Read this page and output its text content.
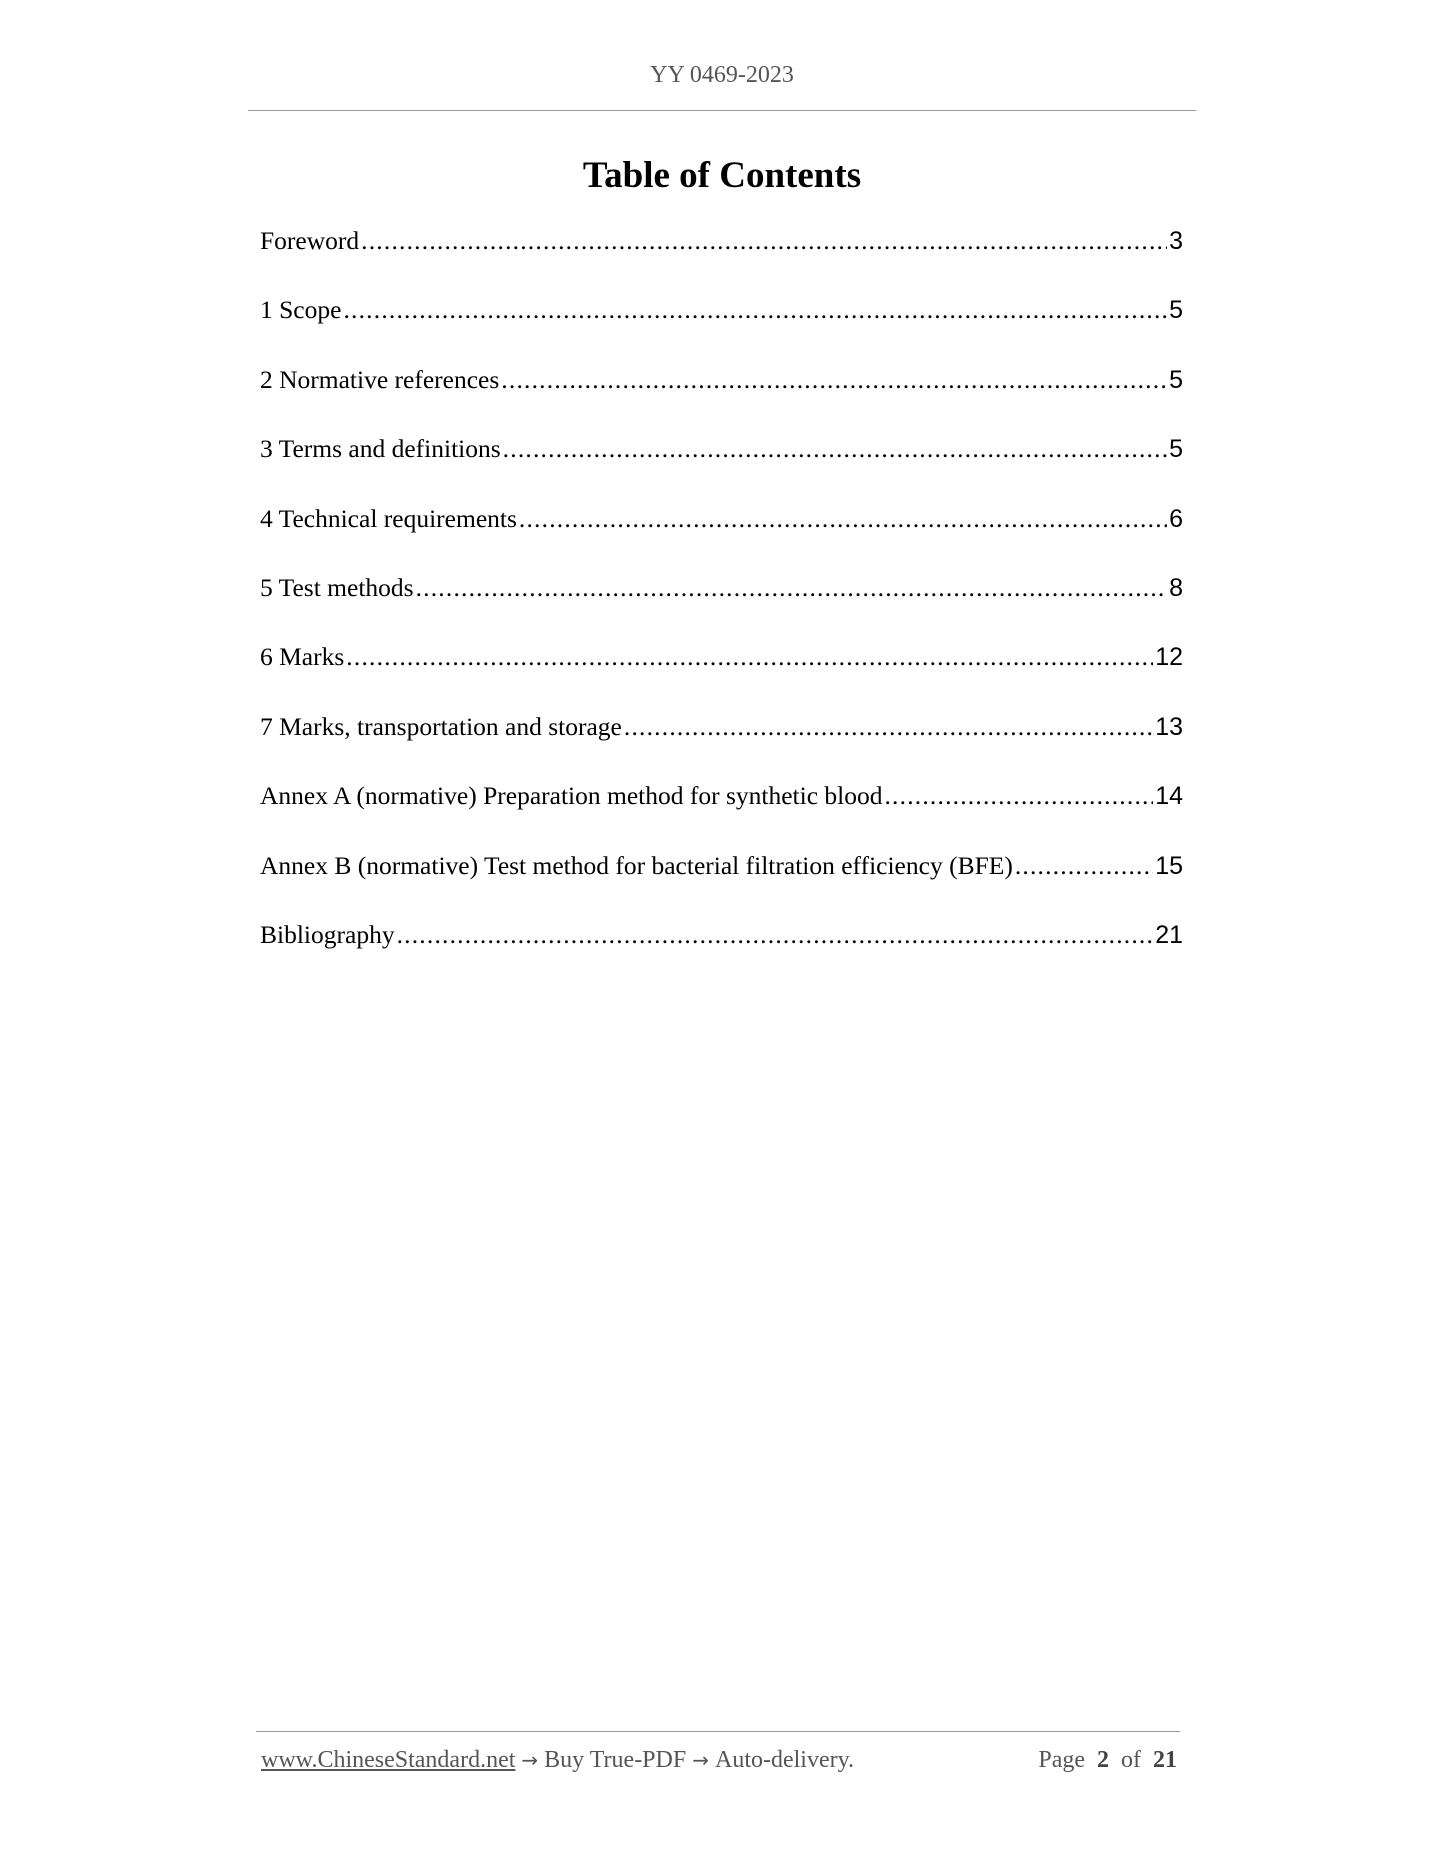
YY 0469-2023
Table of Contents
Foreword .....	3
1 Scope .....	5
2 Normative references .....	5
3 Terms and definitions .....	5
4 Technical requirements .....	6
5 Test methods .....	8
6 Marks .....	12
7 Marks, transportation and storage .....	13
Annex A (normative) Preparation method for synthetic blood .....	14
Annex B (normative) Test method for bacterial filtration efficiency (BFE) .....	15
Bibliography .....	21
www.ChineseStandard.net → Buy True-PDF → Auto-delivery.	Page 2 of 21
